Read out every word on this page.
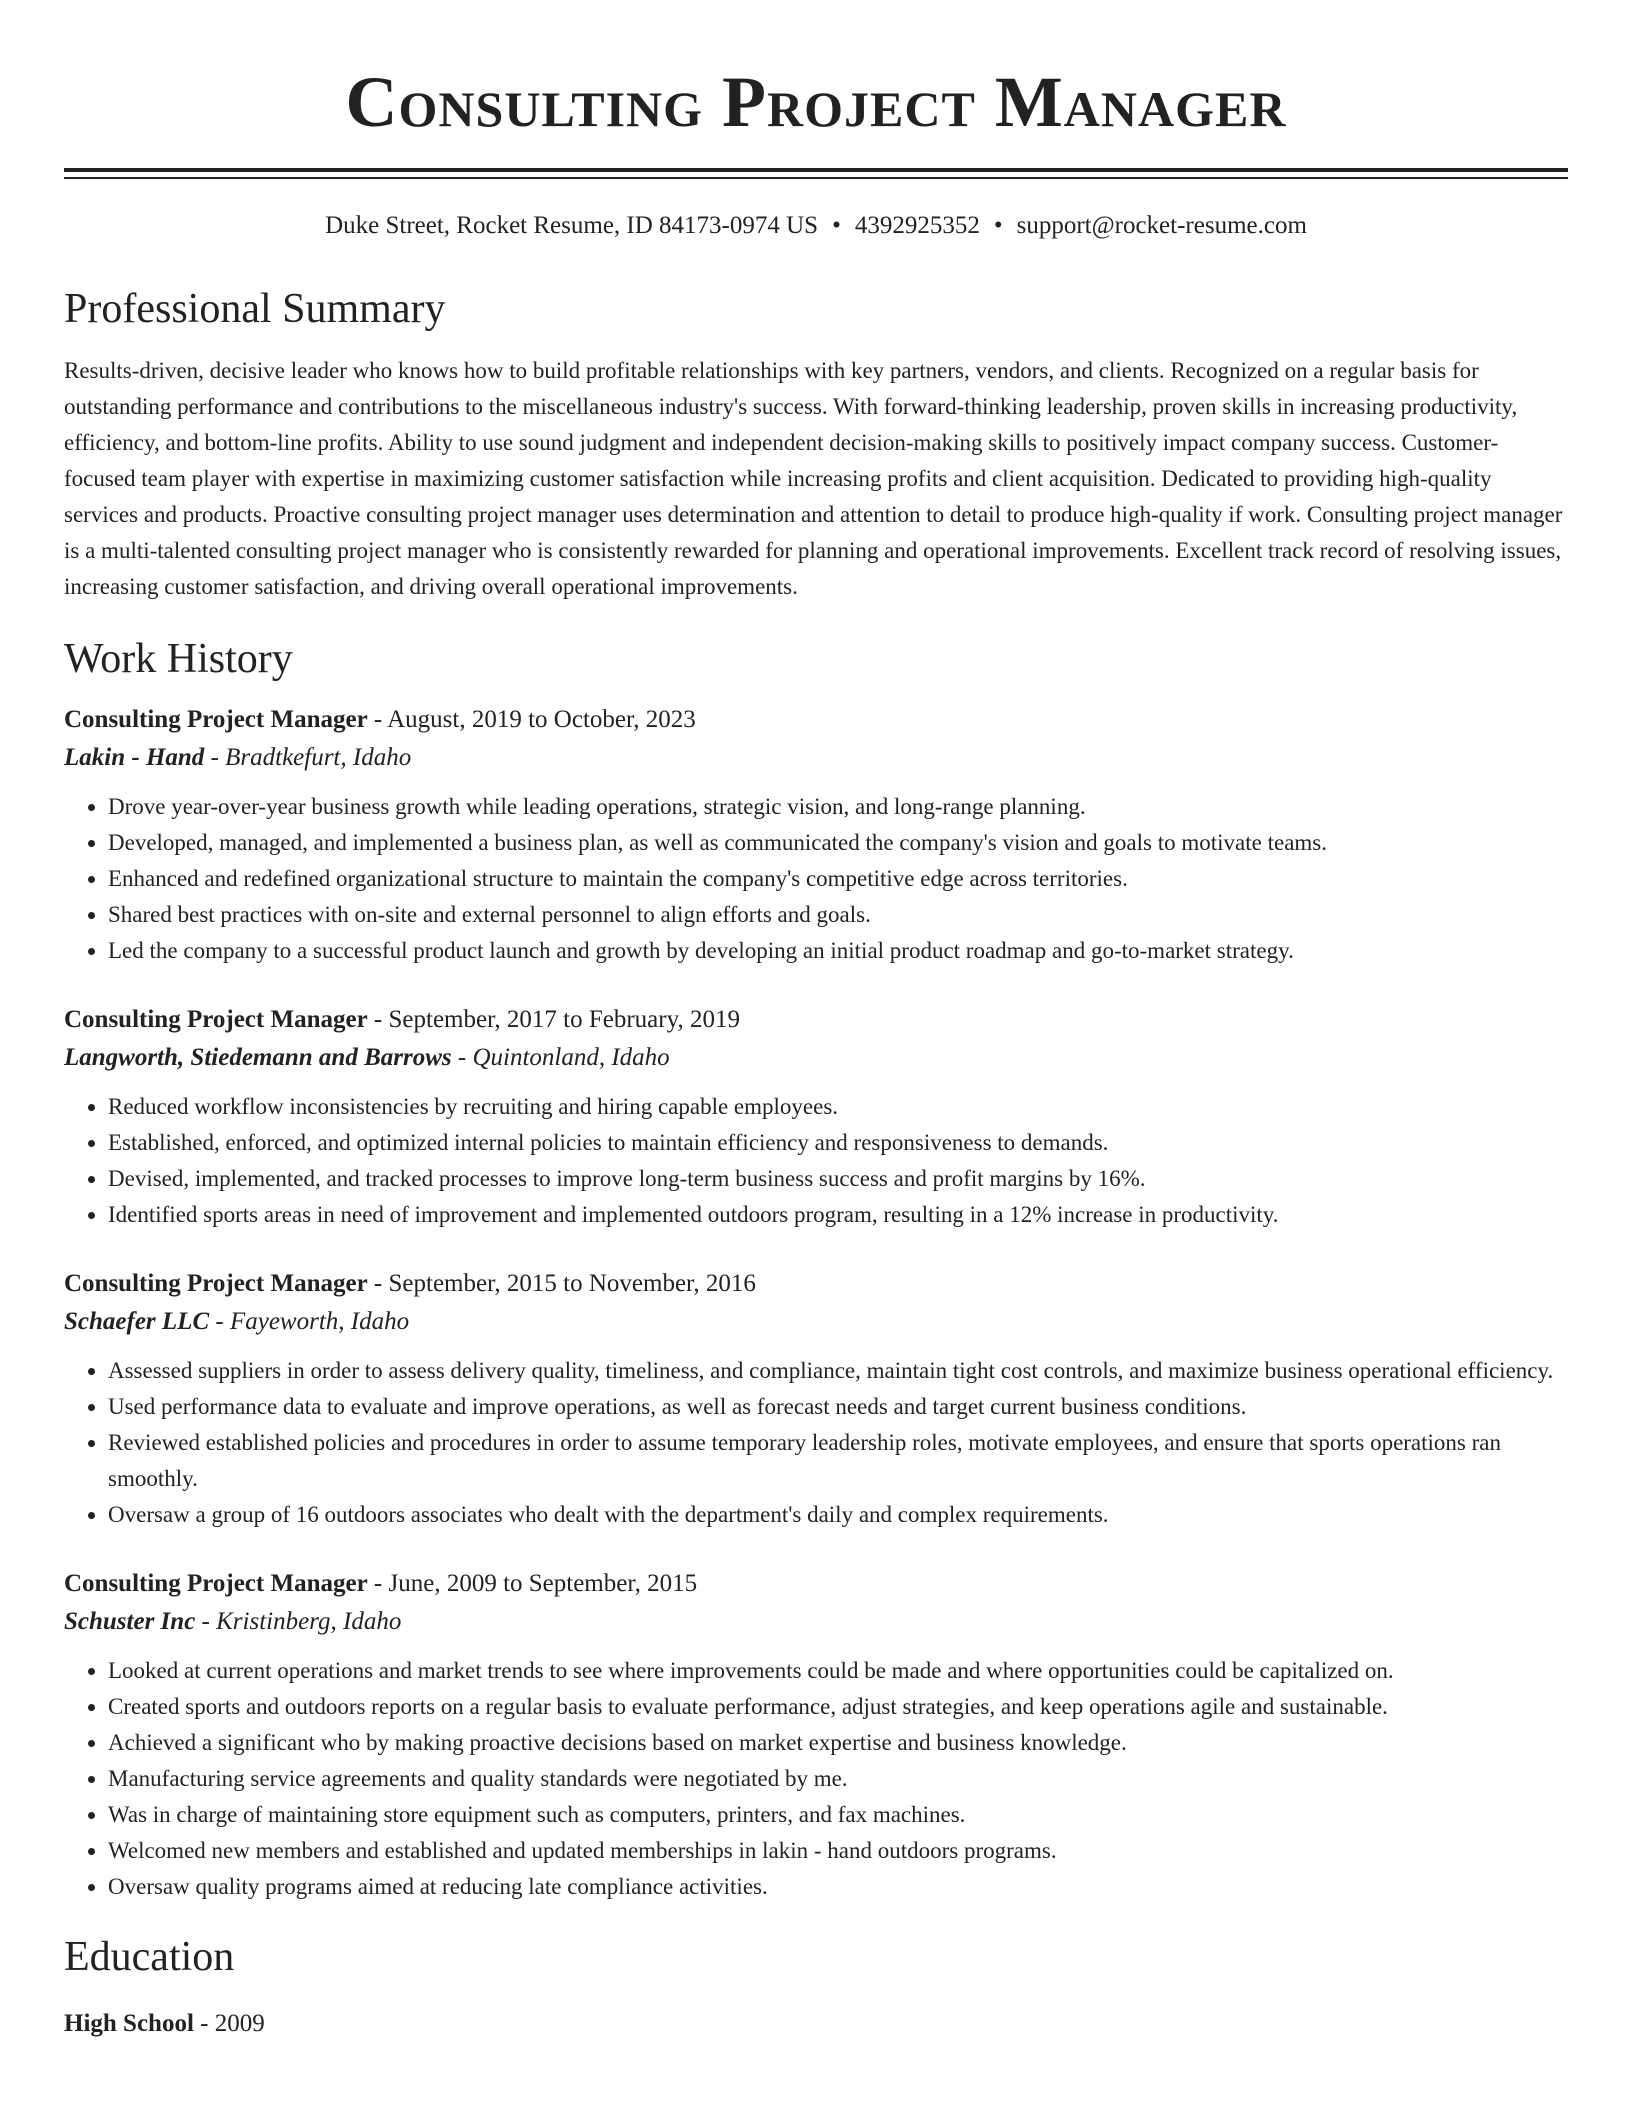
Consulting Project Manager
Duke Street, Rocket Resume, ID 84173-0974 US • 4392925352 • support@rocket-resume.com
Professional Summary
Results-driven, decisive leader who knows how to build profitable relationships with key partners, vendors, and clients. Recognized on a regular basis for outstanding performance and contributions to the miscellaneous industry's success. With forward-thinking leadership, proven skills in increasing productivity, efficiency, and bottom-line profits. Ability to use sound judgment and independent decision-making skills to positively impact company success. Customer-focused team player with expertise in maximizing customer satisfaction while increasing profits and client acquisition. Dedicated to providing high-quality services and products. Proactive consulting project manager uses determination and attention to detail to produce high-quality if work. Consulting project manager is a multi-talented consulting project manager who is consistently rewarded for planning and operational improvements. Excellent track record of resolving issues, increasing customer satisfaction, and driving overall operational improvements.
Work History
Consulting Project Manager - August, 2019 to October, 2023
Lakin - Hand - Bradtkefurt, Idaho
• Drove year-over-year business growth while leading operations, strategic vision, and long-range planning.
• Developed, managed, and implemented a business plan, as well as communicated the company's vision and goals to motivate teams.
• Enhanced and redefined organizational structure to maintain the company's competitive edge across territories.
• Shared best practices with on-site and external personnel to align efforts and goals.
• Led the company to a successful product launch and growth by developing an initial product roadmap and go-to-market strategy.
Consulting Project Manager - September, 2017 to February, 2019
Langworth, Stiedemann and Barrows - Quintonland, Idaho
• Reduced workflow inconsistencies by recruiting and hiring capable employees.
• Established, enforced, and optimized internal policies to maintain efficiency and responsiveness to demands.
• Devised, implemented, and tracked processes to improve long-term business success and profit margins by 16%.
• Identified sports areas in need of improvement and implemented outdoors program, resulting in a 12% increase in productivity.
Consulting Project Manager - September, 2015 to November, 2016
Schaefer LLC - Fayeworth, Idaho
• Assessed suppliers in order to assess delivery quality, timeliness, and compliance, maintain tight cost controls, and maximize business operational efficiency.
• Used performance data to evaluate and improve operations, as well as forecast needs and target current business conditions.
• Reviewed established policies and procedures in order to assume temporary leadership roles, motivate employees, and ensure that sports operations ran smoothly.
• Oversaw a group of 16 outdoors associates who dealt with the department's daily and complex requirements.
Consulting Project Manager - June, 2009 to September, 2015
Schuster Inc - Kristinberg, Idaho
• Looked at current operations and market trends to see where improvements could be made and where opportunities could be capitalized on.
• Created sports and outdoors reports on a regular basis to evaluate performance, adjust strategies, and keep operations agile and sustainable.
• Achieved a significant who by making proactive decisions based on market expertise and business knowledge.
• Manufacturing service agreements and quality standards were negotiated by me.
• Was in charge of maintaining store equipment such as computers, printers, and fax machines.
• Welcomed new members and established and updated memberships in lakin - hand outdoors programs.
• Oversaw quality programs aimed at reducing late compliance activities.
Education
High School - 2009
